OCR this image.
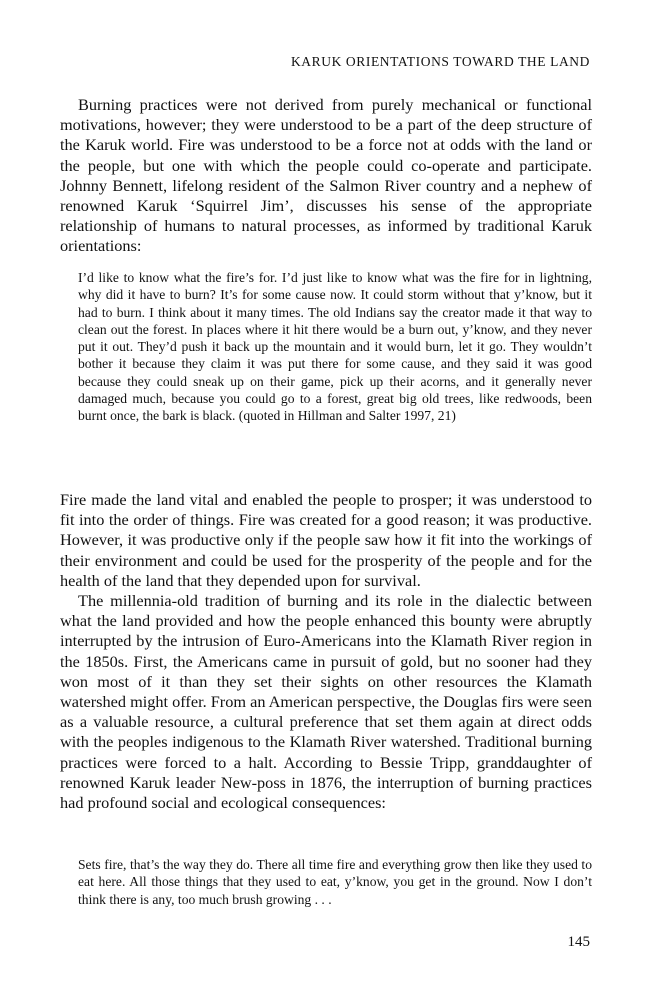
KARUK ORIENTATIONS TOWARD THE LAND

Burning practices were not derived from purely mechanical or functional motivations, however; they were understood to be a part of the deep structure of the Karuk world. Fire was understood to be a force not at odds with the land or the people, but one with which the people could co-operate and participate. Johnny Bennett, lifelong resident of the Salmon River country and a nephew of renowned Karuk ‘Squirrel Jim’, discusses his sense of the appropriate relationship of humans to natural processes, as informed by traditional Karuk orientations:

I’d like to know what the fire’s for. I’d just like to know what was the fire for in lightning, why did it have to burn? It’s for some cause now. It could storm without that y’know, but it had to burn. I think about it many times. The old Indians say the creator made it that way to clean out the forest. In places where it hit there would be a burn out, y’know, and they never put it out. They’d push it back up the mountain and it would burn, let it go. They wouldn’t bother it because they claim it was put there for some cause, and they said it was good because they could sneak up on their game, pick up their acorns, and it generally never damaged much, because you could go to a forest, great big old trees, like redwoods, been burnt once, the bark is black. (quoted in Hillman and Salter 1997, 21)

Fire made the land vital and enabled the people to prosper; it was understood to fit into the order of things. Fire was created for a good reason; it was productive. However, it was productive only if the people saw how it fit into the workings of their environment and could be used for the prosperity of the people and for the health of the land that they depended upon for survival.

The millennia-old tradition of burning and its role in the dialectic between what the land provided and how the people enhanced this bounty were abruptly interrupted by the intrusion of Euro-Americans into the Klamath River region in the 1850s. First, the Americans came in pursuit of gold, but no sooner had they won most of it than they set their sights on other resources the Klamath watershed might offer. From an American perspective, the Douglas firs were seen as a valuable resource, a cultural preference that set them again at direct odds with the peoples indigenous to the Klamath River watershed. Traditional burning practices were forced to a halt. According to Bessie Tripp, granddaughter of renowned Karuk leader New-poss in 1876, the interruption of burning practices had profound social and ecological consequences:

Sets fire, that’s the way they do. There all time fire and everything grow then like they used to eat here. All those things that they used to eat, y’know, you get in the ground. Now I don’t think there is any, too much brush growing . . .

145
